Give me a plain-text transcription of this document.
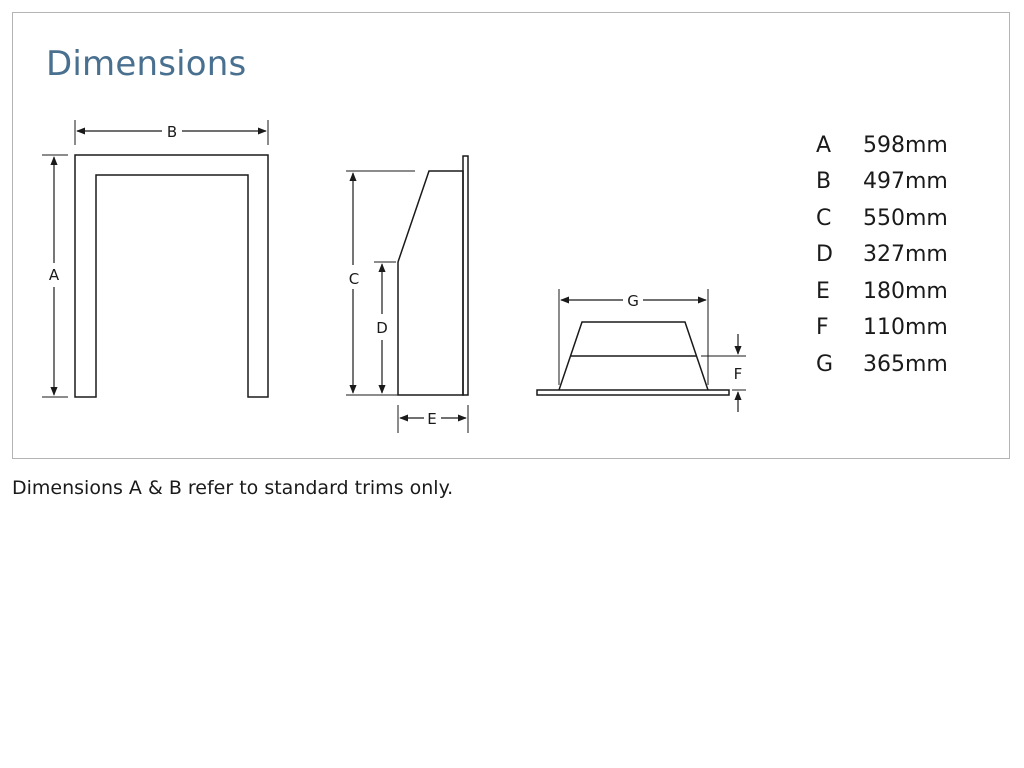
Dimensions
B
A	C
D
E
G
F
A	598mm
B	497mm
C	550mm
D	327mm
E	180mm
F	110mm
G	365mm
Dimensions A & B refer to standard trims only.
